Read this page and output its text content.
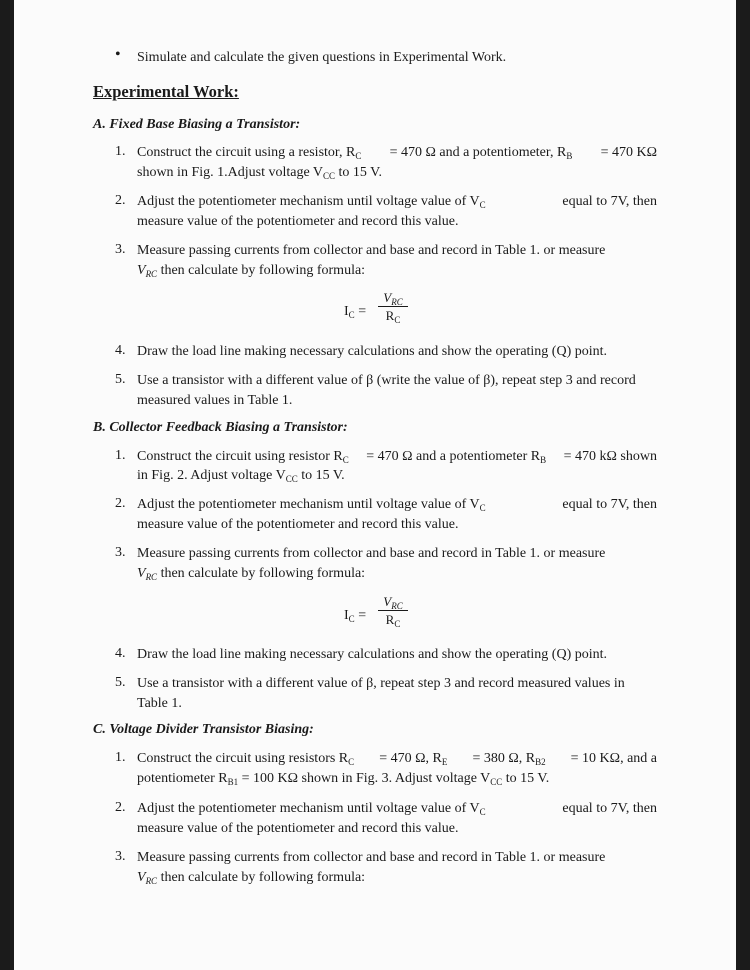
• Simulate and calculate the given questions in Experimental Work.
Experimental Work:
A. Fixed Base Biasing a Transistor:
1. Construct the circuit using a resistor, $R_C = 470$ Ω and a potentiometer, $R_B = 470$ KΩ
shown in Fig. 1.Adjust voltage $V_{CC}$ to 15 V.
2. Adjust the potentiometer mechanism until voltage value of $V_C$	equal to 7V, then
measure value of the potentiometer and record this value.
3. Measure passing currents from collector and base and record in Table 1. or measure
$V_{RC}$ then calculate by following formula:
$I_C$ =
$V_{RC}$
$R_C$
4. Draw the load line making necessary calculations and show the operating (Q) point.
5. Use a transistor with a different value of β (write the value of β), repeat step 3 and record
measured values in Table 1.
B. Collector Feedback Biasing a Transistor:
1. Construct the circuit using resistor $R_C = 470$ Ω and a potentiometer $R_B = 470$ kΩ shown
in Fig. 2. Adjust voltage $V_{CC}$ to 15 V.
2. Adjust the potentiometer mechanism until voltage value of $V_C$	equal to 7V, then
measure value of the potentiometer and record this value.
3. Measure passing currents from collector and base and record in Table 1. or measure
$V_{RC}$ then calculate by following formula:
$I_C$ =
$V_{RC}$
$R_C$
4. Draw the load line making necessary calculations and show the operating (Q) point.
5. Use a transistor with a different value of β, repeat step 3 and record measured values in
Table 1.
C. Voltage Divider Transistor Biasing:
1. Construct the circuit using resistors $R_C = 470$ Ω, $R_E = 380$ Ω, $R_{B2} = 10$ KΩ, and a
potentiometer $R_{B1} = 100$ KΩ shown in Fig. 3. Adjust voltage $V_{CC}$ to 15 V.
2. Adjust the potentiometer mechanism until voltage value of $V_C$	equal to 7V, then
measure value of the potentiometer and record this value.
3. Measure passing currents from collector and base and record in Table 1. or measure
$V_{RC}$ then calculate by following formula:
